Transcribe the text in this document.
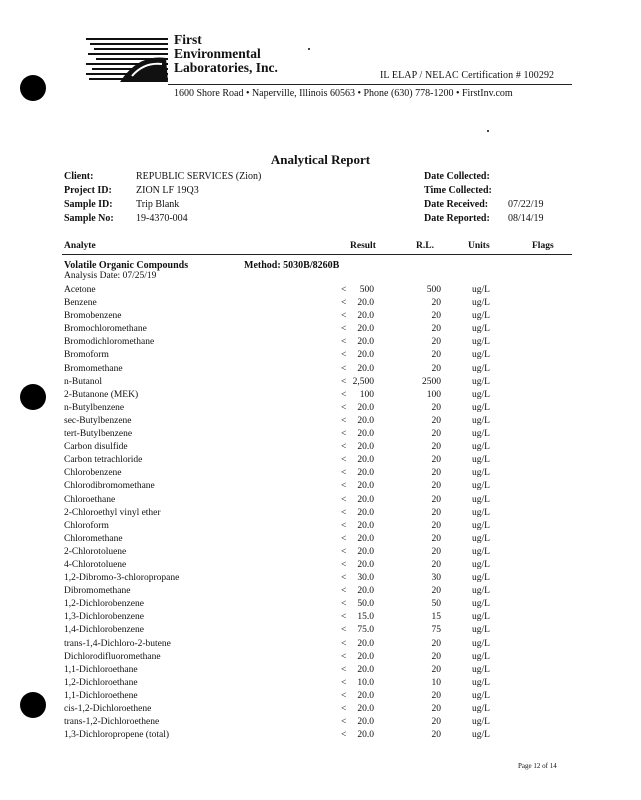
First
Environmental
Laboratories, Inc.
IL ELAP / NELAC Certification # 100292
1600 Shore Road • Naperville, Illinois 60563 • Phone (630) 778-1200 • FirstInv.com
Analytical Report
Client:	REPUBLIC SERVICES (Zion)
Project ID: ZION LF 19Q3
Sample ID: Trip Blank
Sample No: 19-4370-004
Date Collected:
Time Collected:
Date Received: 07/22/19
Date Reported: 08/14/19
Analyte	Result	R.L.	Units	Flags
Volatile Organic Compounds	Method: 5030B/8260B
Analysis Date: 07/25/19
Acetone	<	500	500	ug/L
Benzene	<	20.0	20	ug/L
Bromobenzene	<	20.0	20	ug/L
Bromochloromethane	<	20.0	20	ug/L
Bromodichloromethane	<	20.0	20	ug/L
Bromoform	<	20.0	20	ug/L
Bromomethane	<	20.0	20	ug/L
n-Butanol	< 2,500	2500	ug/L
2-Butanone (MEK)	<	100	100	ug/L
n-Butylbenzene	<	20.0	20	ug/L
sec-Butylbenzene	<	20.0	20	ug/L
tert-Butylbenzene	<	20.0	20	ug/L
Carbon disulfide	<	20.0	20	ug/L
Carbon tetrachloride	<	20.0	20	ug/L
Chlorobenzene	<	20.0	20	ug/L
Chlorodibromomethane	<	20.0	20	ug/L
Chloroethane	<	20.0	20	ug/L
2-Chloroethyl vinyl ether	<	20.0	20	ug/L
Chloroform	<	20.0	20	ug/L
Chloromethane	<	20.0	20	ug/L
2-Chlorotoluene	<	20.0	20	ug/L
4-Chlorotoluene	<	20.0	20	ug/L
1,2-Dibromo-3-chloropropane	<	30.0	30	ug/L
Dibromomethane	<	20.0	20	ug/L
1,2-Dichlorobenzene	<	50.0	50	ug/L
1,3-Dichlorobenzene	<	15.0	15	ug/L
1,4-Dichlorobenzene	<	75.0	75	ug/L
trans-1,4-Dichloro-2-butene	<	20.0	20	ug/L
Dichlorodifluoromethane	<	20.0	20	ug/L
1,1-Dichloroethane	<	20.0	20	ug/L
1,2-Dichloroethane	<	10.0	10	ug/L
1,1-Dichloroethene	<	20.0	20	ug/L
cis-1,2-Dichloroethene	<	20.0	20	ug/L
trans-1,2-Dichloroethene	<	20.0	20	ug/L
1,3-Dichloropropene (total)	<	20.0	20	ug/L
Page 12 of 14
